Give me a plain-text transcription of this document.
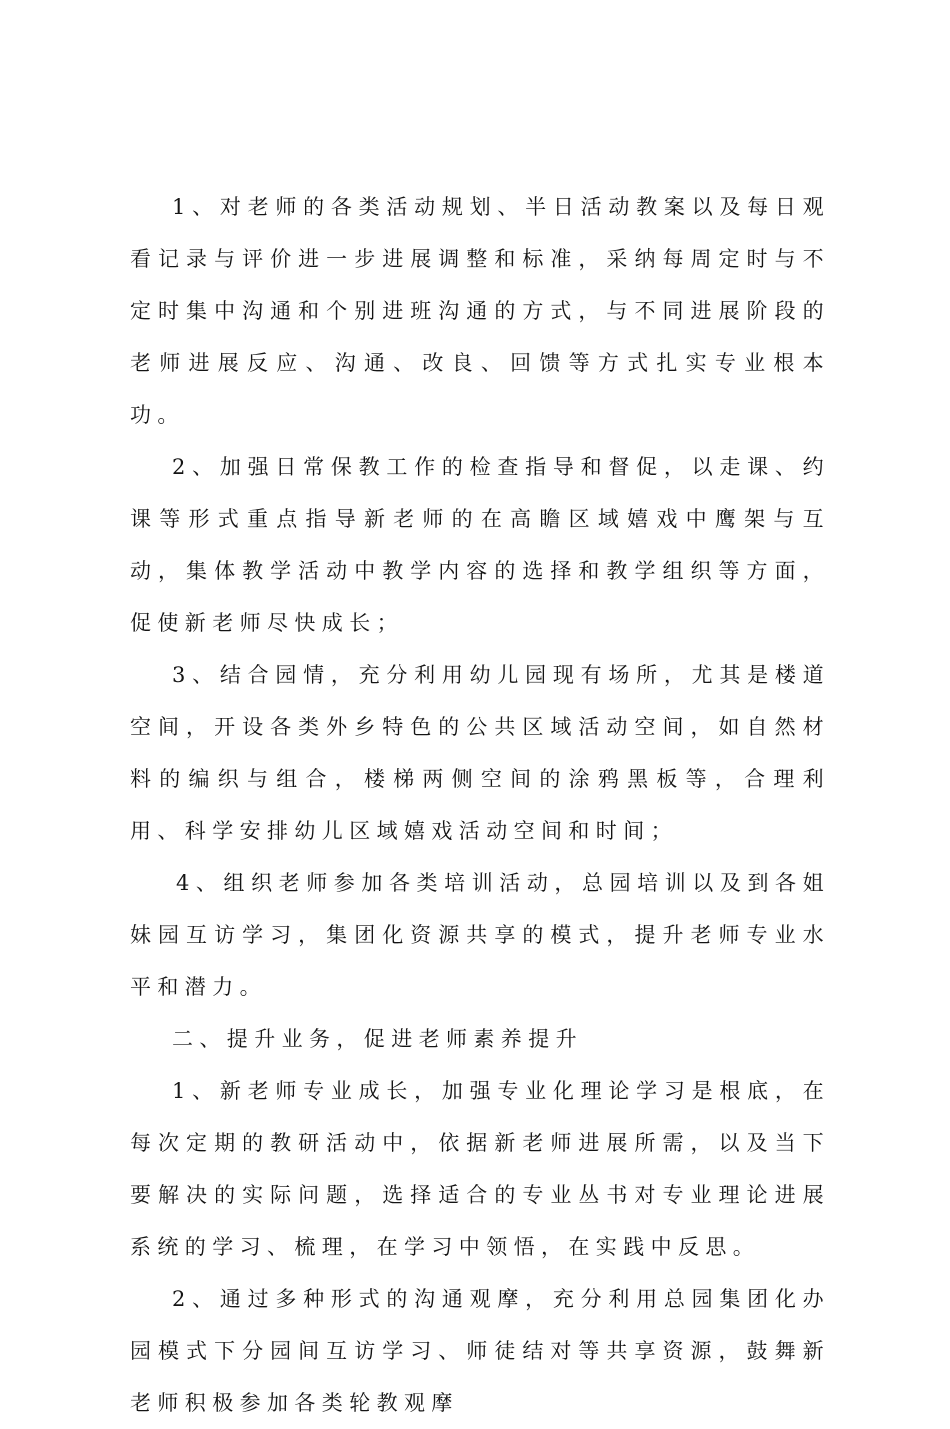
1、对老师的各类活动规划、半日活动教案以及每日观看记录与评价进一步进展调整和标准，采纳每周定时与不定时集中沟通和个别进班沟通的方式，与不同进展阶段的老师进展反应、沟通、改良、回馈等方式扎实专业根本功。

2、加强日常保教工作的检查指导和督促，以走课、约课等形式重点指导新老师的在高瞻区域嬉戏中鹰架与互动，集体教学活动中教学内容的选择和教学组织等方面，促使新老师尽快成长；

3、结合园情，充分利用幼儿园现有场所，尤其是楼道空间，开设各类外乡特色的公共区域活动空间，如自然材料的编织与组合，楼梯两侧空间的涂鸦黑板等，合理利用、科学安排幼儿区域嬉戏活动空间和时间；

4、组织老师参加各类培训活动，总园培训以及到各姐妹园互访学习，集团化资源共享的模式，提升老师专业水平和潜力。

二、提升业务，促进老师素养提升

1、新老师专业成长，加强专业化理论学习是根底，在每次定期的教研活动中，依据新老师进展所需，以及当下要解决的实际问题，选择适合的专业丛书对专业理论进展系统的学习、梳理，在学习中领悟，在实践中反思。

2、通过多种形式的沟通观摩，充分利用总园集团化办园模式下分园间互访学习、师徒结对等共享资源，鼓舞新老师积极参加各类轮教观摩
